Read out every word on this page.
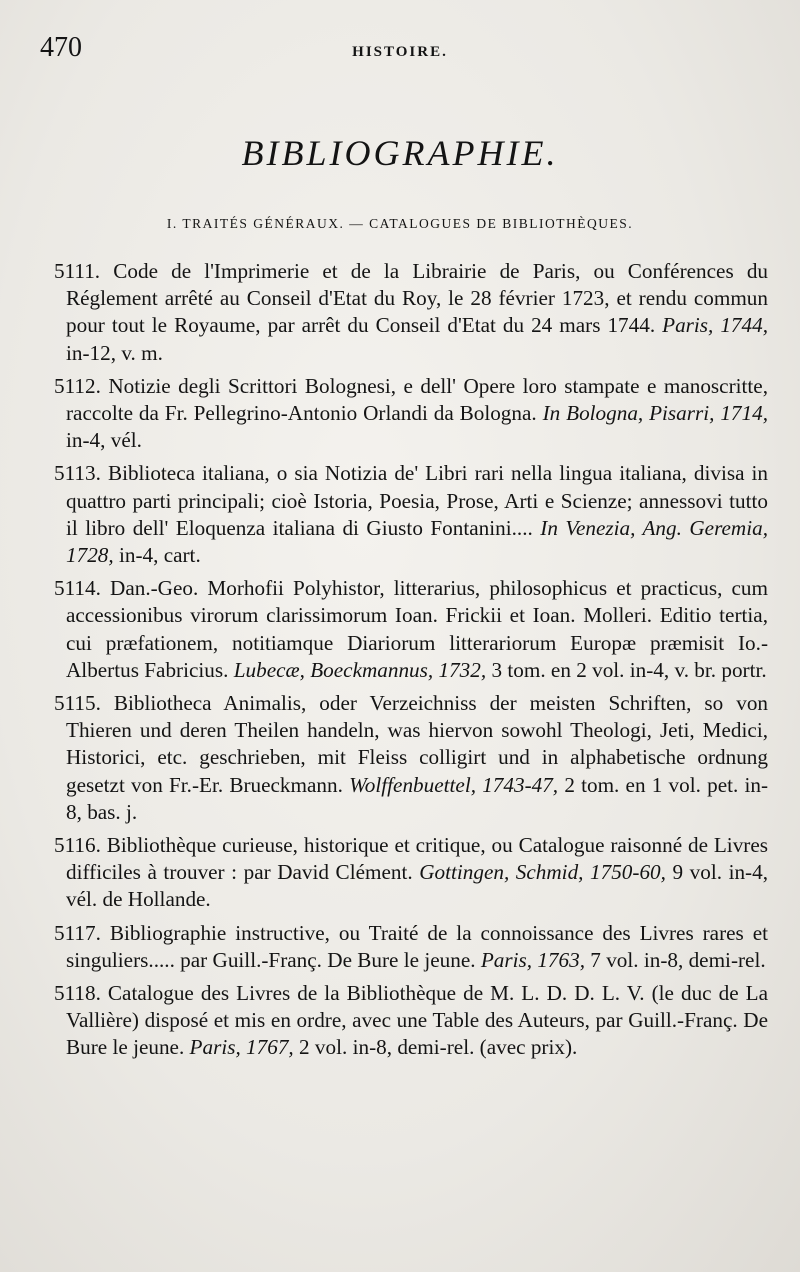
470	HISTOIRE.
BIBLIOGRAPHIE.
I. TRAITÉS GÉNÉRAUX. — CATALOGUES DE BIBLIOTHÈQUES.

5111. Code de l'Imprimerie et de la Librairie de Paris, ou Conférences du Réglement arrêté au Conseil d'Etat du Roy, le 28 février 1723, et rendu commun pour tout le Royaume, par arrêt du Conseil d'Etat du 24 mars 1744. Paris, 1744, in-12, v. m.

5112. Notizie degli Scrittori Bolognesi, e dell' Opere loro stampate e manoscritte, raccolte da Fr. Pellegrino-Antonio Orlandi da Bologna. In Bologna, Pisarri, 1714, in-4, vél.

5113. Biblioteca italiana, o sia Notizia de' Libri rari nella lingua italiana, divisa in quattro parti principali; cioè Istoria, Poesia, Prose, Arti e Scienze; annessovi tutto il libro dell' Eloquenza italiana di Giusto Fontanini.... In Venezia, Ang. Geremia, 1728, in-4, cart.

5114. Dan.-Geo. Morhofii Polyhistor, litterarius, philosophicus et practicus, cum accessionibus virorum clarissimorum Ioan. Frickii et Ioan. Molleri. Editio tertia, cui præfationem, notitiamque Diariorum litterariorum Europæ præmisit Io.-Albertus Fabricius. Lubecæ, Boeckmannus, 1732, 3 tom. en 2 vol. in-4, v. br. portr.

5115. Bibliotheca Animalis, oder Verzeichniss der meisten Schriften, so von Thieren und deren Theilen handeln, was hiervon sowohl Theologi, Jeti, Medici, Historici, etc. geschrieben, mit Fleiss colligirt und in alphabetische ordnung gesetzt von Fr.-Er. Brueckmann. Wolffenbuettel, 1743-47, 2 tom. en 1 vol. pet. in-8, bas. j.

5116. Bibliothèque curieuse, historique et critique, ou Catalogue raisonné de Livres difficiles à trouver : par David Clément. Gottingen, Schmid, 1750-60, 9 vol. in-4, vél. de Hollande.

5117. Bibliographie instructive, ou Traité de la connoissance des Livres rares et singuliers..... par Guill.-Franç. De Bure le jeune. Paris, 1763, 7 vol. in-8, demi-rel.

5118. Catalogue des Livres de la Bibliothèque de M. L. D. D. L. V. (le duc de La Vallière) disposé et mis en ordre, avec une Table des Auteurs, par Guill.-Franç. De Bure le jeune. Paris, 1767, 2 vol. in-8, demi-rel. (avec prix).
